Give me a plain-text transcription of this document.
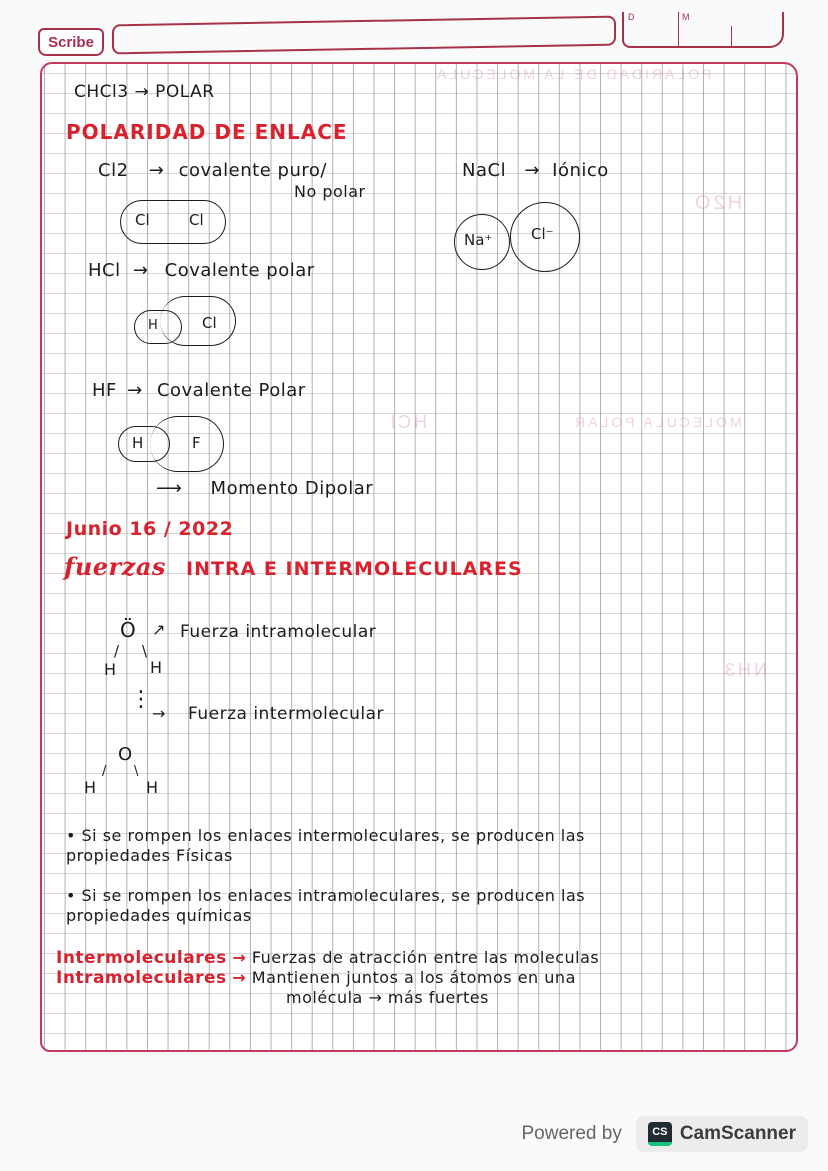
Scribe
D	M
POLARIDAD DE LA MOLECULA
H2O
HCl	MOLECULA POLAR
NH3
CHCl3 → POLAR
POLARIDAD DE ENLACE
Cl2 → covalente puro/
No polar
Cl	Cl
NaCl → Iónico
Na⁺	Cl⁻
HCl → Covalente polar
H	Cl
HF → Covalente Polar
H	F
⟶ Momento Dipolar
Junio 16 / 2022
fuerzas INTRA E INTERMOLECULARES
Ö
/ \
H H
↗ Fuerza intramolecular
⋮
→ Fuerza intermolecular
O
/ \
H	H
• Si se rompen los enlaces intermoleculares, se producen las
propiedades Físicas
• Si se rompen los enlaces intramoleculares, se producen las
propiedades químicas
Intermoleculares → Fuerzas de atracción entre las moleculas
Intramoleculares → Mantienen juntos a los átomos en una
molécula → más fuertes
Powered by	CS CamScanner
